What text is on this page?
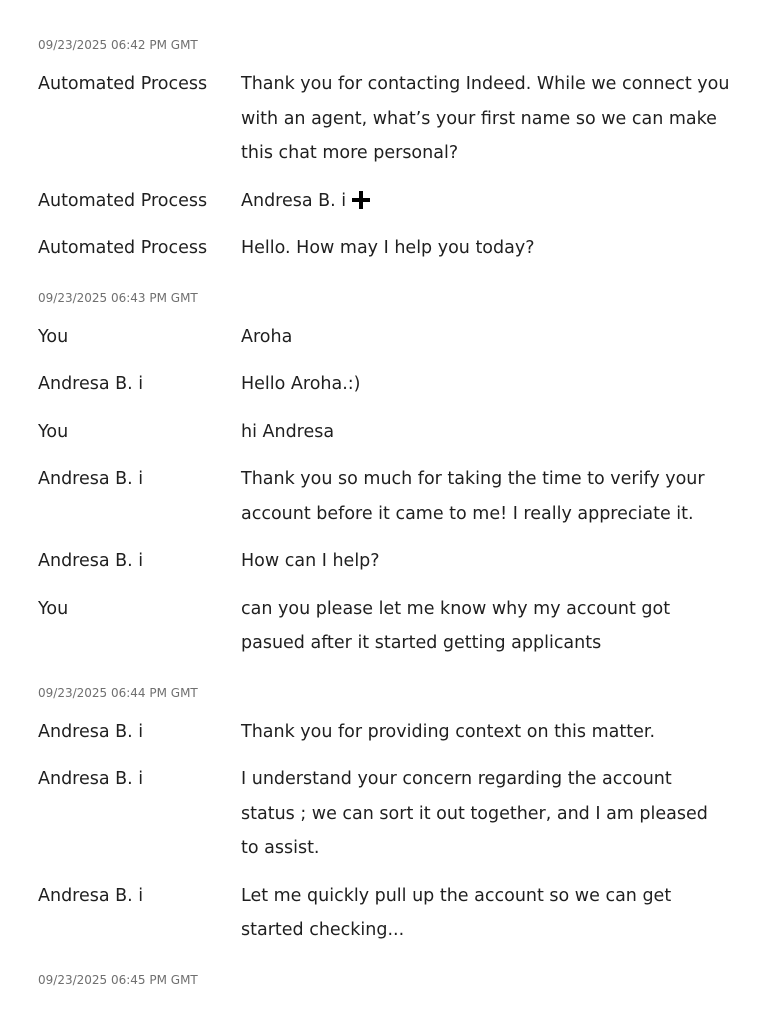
09/23/2025 06:42 PM GMT
Automated Process	Thank you for contacting Indeed. While we connect you with an agent, what’s your first name so we can make this chat more personal?
Automated Process	Andresa B. i
Automated Process	Hello. How may I help you today?
09/23/2025 06:43 PM GMT
You	Aroha
Andresa B. i	Hello Aroha.:)
You	hi Andresa
Andresa B. i	Thank you so much for taking the time to verify your account before it came to me! I really appreciate it.
Andresa B. i	How can I help?
You	can you please let me know why my account got pasued after it started getting applicants
09/23/2025 06:44 PM GMT
Andresa B. i	Thank you for providing context on this matter.
Andresa B. i	I understand your concern regarding the account status ; we can sort it out together, and I am pleased to assist.
Andresa B. i	Let me quickly pull up the account so we can get started checking...
09/23/2025 06:45 PM GMT
